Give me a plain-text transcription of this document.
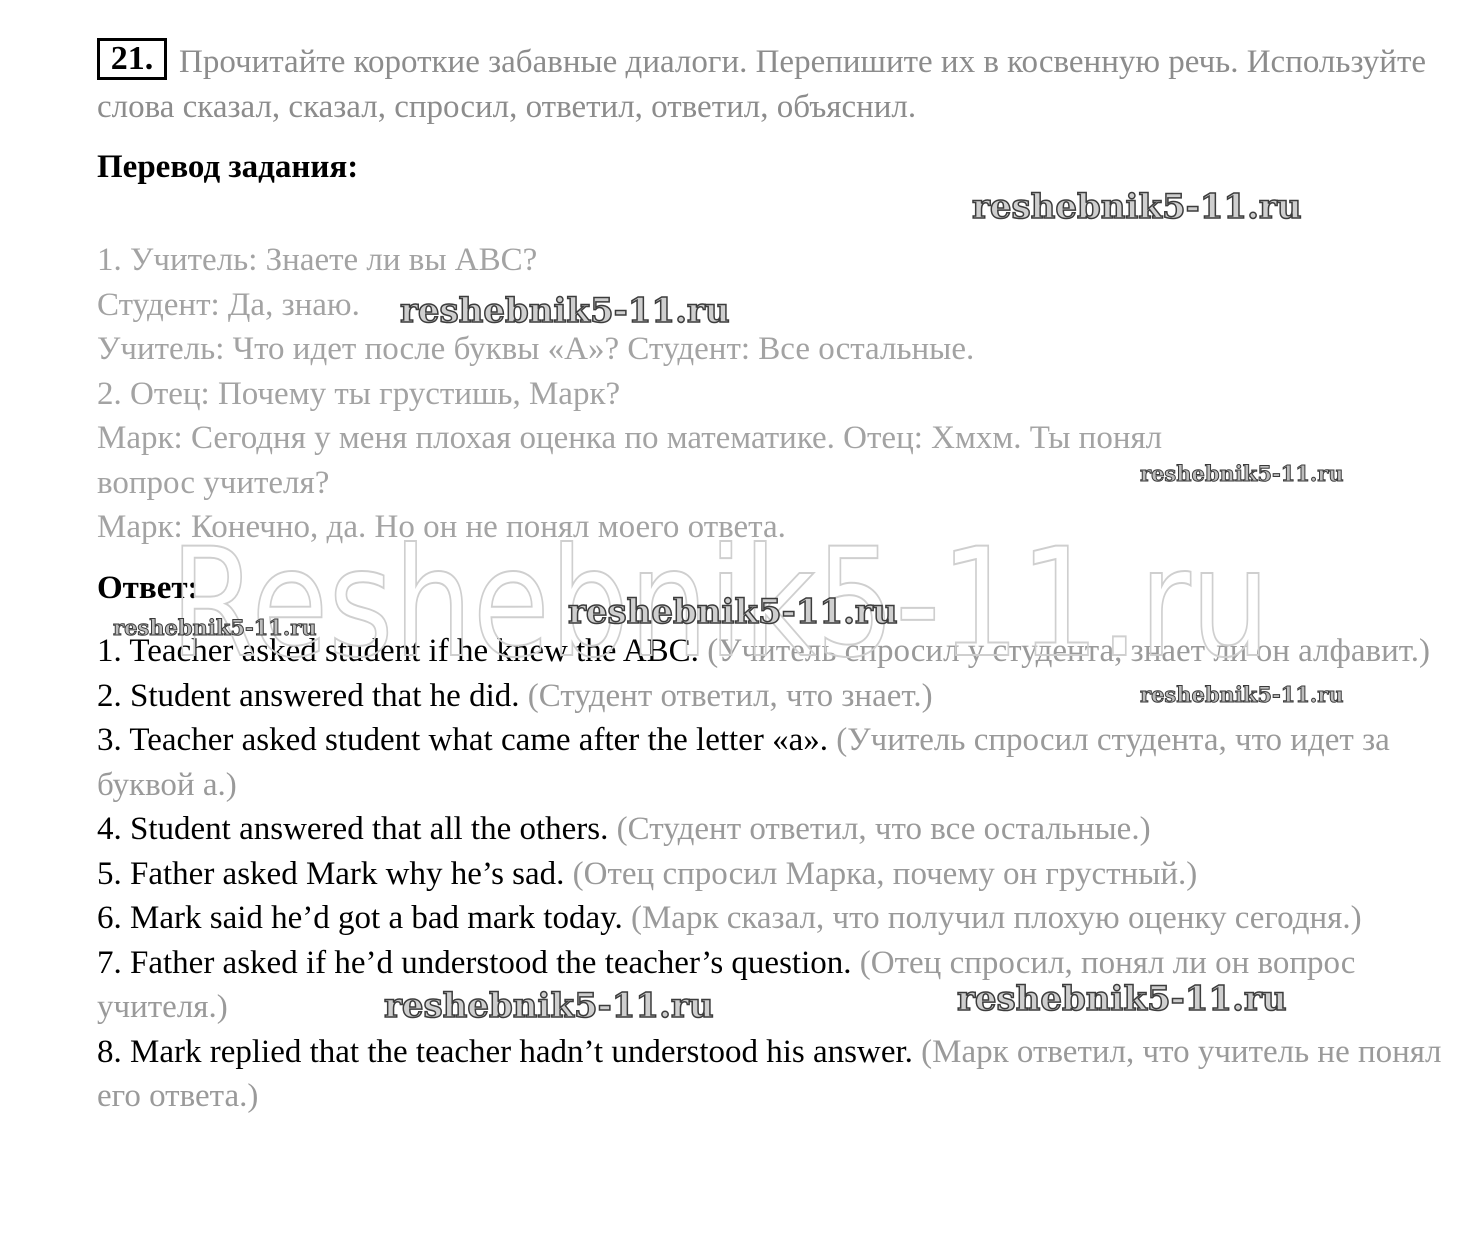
21. Прочитайте короткие забавные диалоги. Перепишите их в косвенную речь. Используйте слова сказал, сказал, спросил, ответил, ответил, объяснил.
Перевод задания:
1. Учитель: Знаете ли вы ABC?
Студент: Да, знаю.
Учитель: Что идет после буквы «А»? Студент: Все остальные.
2. Отец: Почему ты грустишь, Марк?
Марк: Сегодня у меня плохая оценка по математике. Отец: Хмхм. Ты понял
вопрос учителя?
Марк: Конечно, да. Но он не понял моего ответа.
Ответ:
1. Teacher asked student if he knew the ABC. (Учитель спросил у студента, знает ли он алфавит.)
2. Student answered that he did. (Студент ответил, что знает.)
3. Teacher asked student what came after the letter «a». (Учитель спросил студента, что идет за буквой а.)
4. Student answered that all the others. (Студент ответил, что все остальные.)
5. Father asked Mark why he’s sad. (Отец спросил Марка, почему он грустный.)
6. Mark said he’d got a bad mark today. (Марк сказал, что получил плохую оценку сегодня.)
7. Father asked if he’d understood the teacher’s question. (Отец спросил, понял ли он вопрос учителя.)
8. Mark replied that the teacher hadn’t understood his answer. (Марк ответил, что учитель не понял его ответа.)
Reshebnik5-11.ru
reshebnik5-11.ru
reshebnik5-11.ru
reshebnik5-11.ru
reshebnik5-11.ru	reshebnik5-11.ru
reshebnik5-11.ru
reshebnik5-11.ru	reshebnik5-11.ru
